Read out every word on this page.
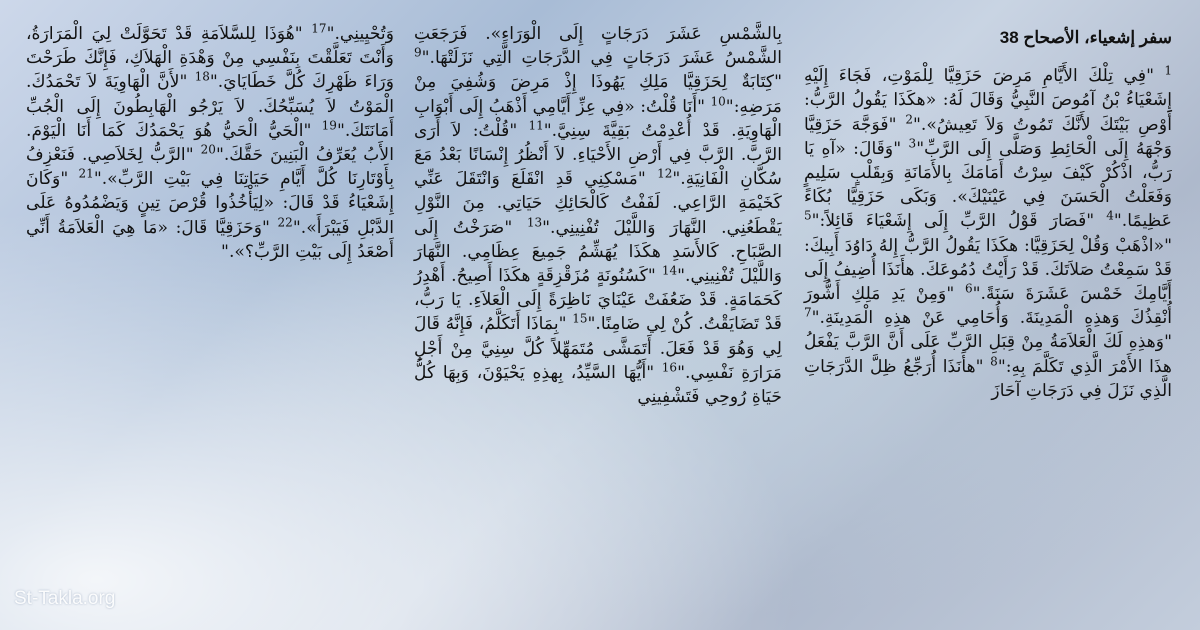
سفر إشعياء، الأصحاح 38
$^1$ "فِي تِلْكَ الأَيَّامِ مَرِضَ حَزَقِيَّا لِلْمَوْتِ، فَجَاءَ إِلَيْهِ إِشَعْيَاءُ بْنُ آمُوصَ النَّبِيُّ وَقَالَ لَهُ: «هكَذَا يَقُولُ الرَّبُّ: أَوْصِ بَيْتَكَ لأَنَّكَ تَمُوتُ وَلاَ تَعِيشُ»."$^2$ "فَوَجَّهَ حَزَقِيَّا وَجْهَهُ إِلَى الْحَائِطِ وَصَلَّى إِلَى الرَّبِّ"$^3$ "وَقَالَ: «آهِ يَا رَبُّ، اذْكُرْ كَيْفَ سِرْتُ أَمَامَكَ بِالأَمَانَةِ وَبِقَلْبٍ سَلِيمٍ وَفَعَلْتُ الْحَسَنَ فِي عَيْنَيْكَ». وَبَكَى حَزَقِيَّا بُكَاءً عَظِيمًا."$^4$ "فَصَارَ قَوْلُ الرَّبِّ إِلَى إِشَعْيَاءَ قَائِلاً:"$^5$ "«اذْهَبْ وَقُلْ لِحَزَقِيَّا: هكَذَا يَقُولُ الرَّبُّ إِلهُ دَاوُدَ أَبِيكَ: قَدْ سَمِعْتُ صَلاَتَكَ. قَدْ رَأَيْتُ دُمُوعَكَ. هأَنَذَا أُضِيفُ إِلَى أَيَّامِكَ خَمْسَ عَشَرَةَ سَنَةً."$^6$ "وَمِنْ يَدِ مَلِكِ أَشُّورَ أُنْقِذُكَ وَهذِهِ الْمَدِينَةَ. وَأُحَامِي عَنْ هذِهِ الْمَدِينَةِ."$^7$ "وَهذِهِ لَكَ الْعَلاَمَةُ مِنْ قِبَلِ الرَّبِّ عَلَى أَنَّ الرَّبَّ يَفْعَلُ هذَا الأَمْرَ الَّذِي تَكَلَّمَ بِهِ:"$^8$ "هأَنَذَا أُرَجِّعُ ظِلَّ الدَّرَجَاتِ الَّذِي نَزَلَ فِي دَرَجَاتِ آحَازَ
بِالشَّمْسِ عَشَرَ دَرَجَاتٍ إِلَى الْوَرَاءِ». فَرَجَعَتِ الشَّمْسُ عَشَرَ دَرَجَاتٍ فِي الدَّرَجَاتِ الَّتِي نَزَلَتْهَا."$^9$ "كِتَابَةٌ لِحَزَقِيَّا مَلِكِ يَهُوذَا إِذْ مَرِضَ وَشُفِيَ مِنْ مَرَضِهِ:"$^{10}$ "أَنَا قُلْتُ: «فِي عِزِّ أَيَّامِي أَذْهَبُ إِلَى أَبْوَابِ الْهَاوِيَةِ. قَدْ أُعْدِمْتُ بَقِيَّةَ سِنِيَّ."$^{11}$ "قُلْتُ: لاَ أَرَى الرَّبَّ. الرَّبَّ فِي أَرْضِ الأَحْيَاءِ. لاَ أَنْظُرُ إِنْسَانًا بَعْدُ مَعَ سُكَّانِ الْفَانِيَةِ."$^{12}$ "مَسْكِنِي قَدِ انْقَلَعَ وَانْتَقَلَ عَنِّي كَخَيْمَةِ الرَّاعِي. لَفَفْتُ كَالْحَائِكِ حَيَاتِي. مِنَ النَّوْلِ يَقْطَعُنِي. النَّهَارَ وَاللَّيْلَ تُفْنِينِي."$^{13}$ "صَرَخْتُ إِلَى الصَّبَاحِ. كَالأَسَدِ هكَذَا يُهَشِّمُ جَمِيعَ عِظَامِي. النَّهَارَ وَاللَّيْلَ تُفْنِينِي."$^{14}$ "كَسُنُونَةٍ مُزَقْزِقَةٍ هكَذَا أَصِيحُ. أَهْدِرُ كَحَمَامَةٍ. قَدْ ضَعُفَتْ عَيْنَايَ نَاظِرَةً إِلَى الْعَلاَءِ. يَا رَبُّ، قَدْ تَضَايَقْتُ. كُنْ لِي ضَامِنًا."$^{15}$ "بِمَاذَا أَتَكَلَّمُ، فَإِنَّهُ قَالَ لِي وَهُوَ قَدْ فَعَلَ. أَتَمَشَّى مُتَمَهِّلاً كُلَّ سِنِيَّ مِنْ أَجْلِ مَرَارَةِ نَفْسِي."$^{16}$ "أَيُّهَا السَّيِّدُ، بِهذِهِ يَحْيَوْنَ، وَبِهَا كُلُّ حَيَاةِ رُوحِي فَتَشْفِينِي
وَتُحْيِينِي."$^{17}$ "هُوَذَا لِلسَّلاَمَةِ قَدْ تَحَوَّلَتْ لِيَ الْمَرَارَةُ، وَأَنْتَ تَعَلَّقْتَ بِنَفْسِي مِنْ وَهْدَةِ الْهَلاَكِ، فَإِنَّكَ طَرَحْتَ وَرَاءَ ظَهْرِكَ كُلَّ خَطَايَايَ."$^{18}$ "لأَنَّ الْهَاوِيَةَ لاَ تَحْمَدُكَ. الْمَوْتُ لاَ يُسَبِّحُكَ. لاَ يَرْجُو الْهَابِطُونَ إِلَى الْجُبِّ أَمَانَتَكَ."$^{19}$ "الْحَيُّ الْحَيُّ هُوَ يَحْمَدُكَ كَمَا أَنَا الْيَوْمَ. الأَبُ يُعَرِّفُ الْبَنِينَ حَقَّكَ."$^{20}$ "الرَّبُّ لِخَلاَصِي. فَنَعْزِفُ بِأَوْتَارِنَا كُلَّ أَيَّامِ حَيَاتِنَا فِي بَيْتِ الرَّبِّ»."$^{21}$ "وَكَانَ إِشَعْيَاءُ قَدْ قَالَ: «لِيَأْخُذُوا قُرْصَ تِينٍ وَيَضْمُدُوهُ عَلَى الدَّبْلِ فَيَبْرَأَ»."$^{22}$ "وَحَزَقِيَّا قَالَ: «مَا هِيَ الْعَلاَمَةُ أَنِّي أَصْعَدُ إِلَى بَيْتِ الرَّبِّ؟»."
St-Takla.org
